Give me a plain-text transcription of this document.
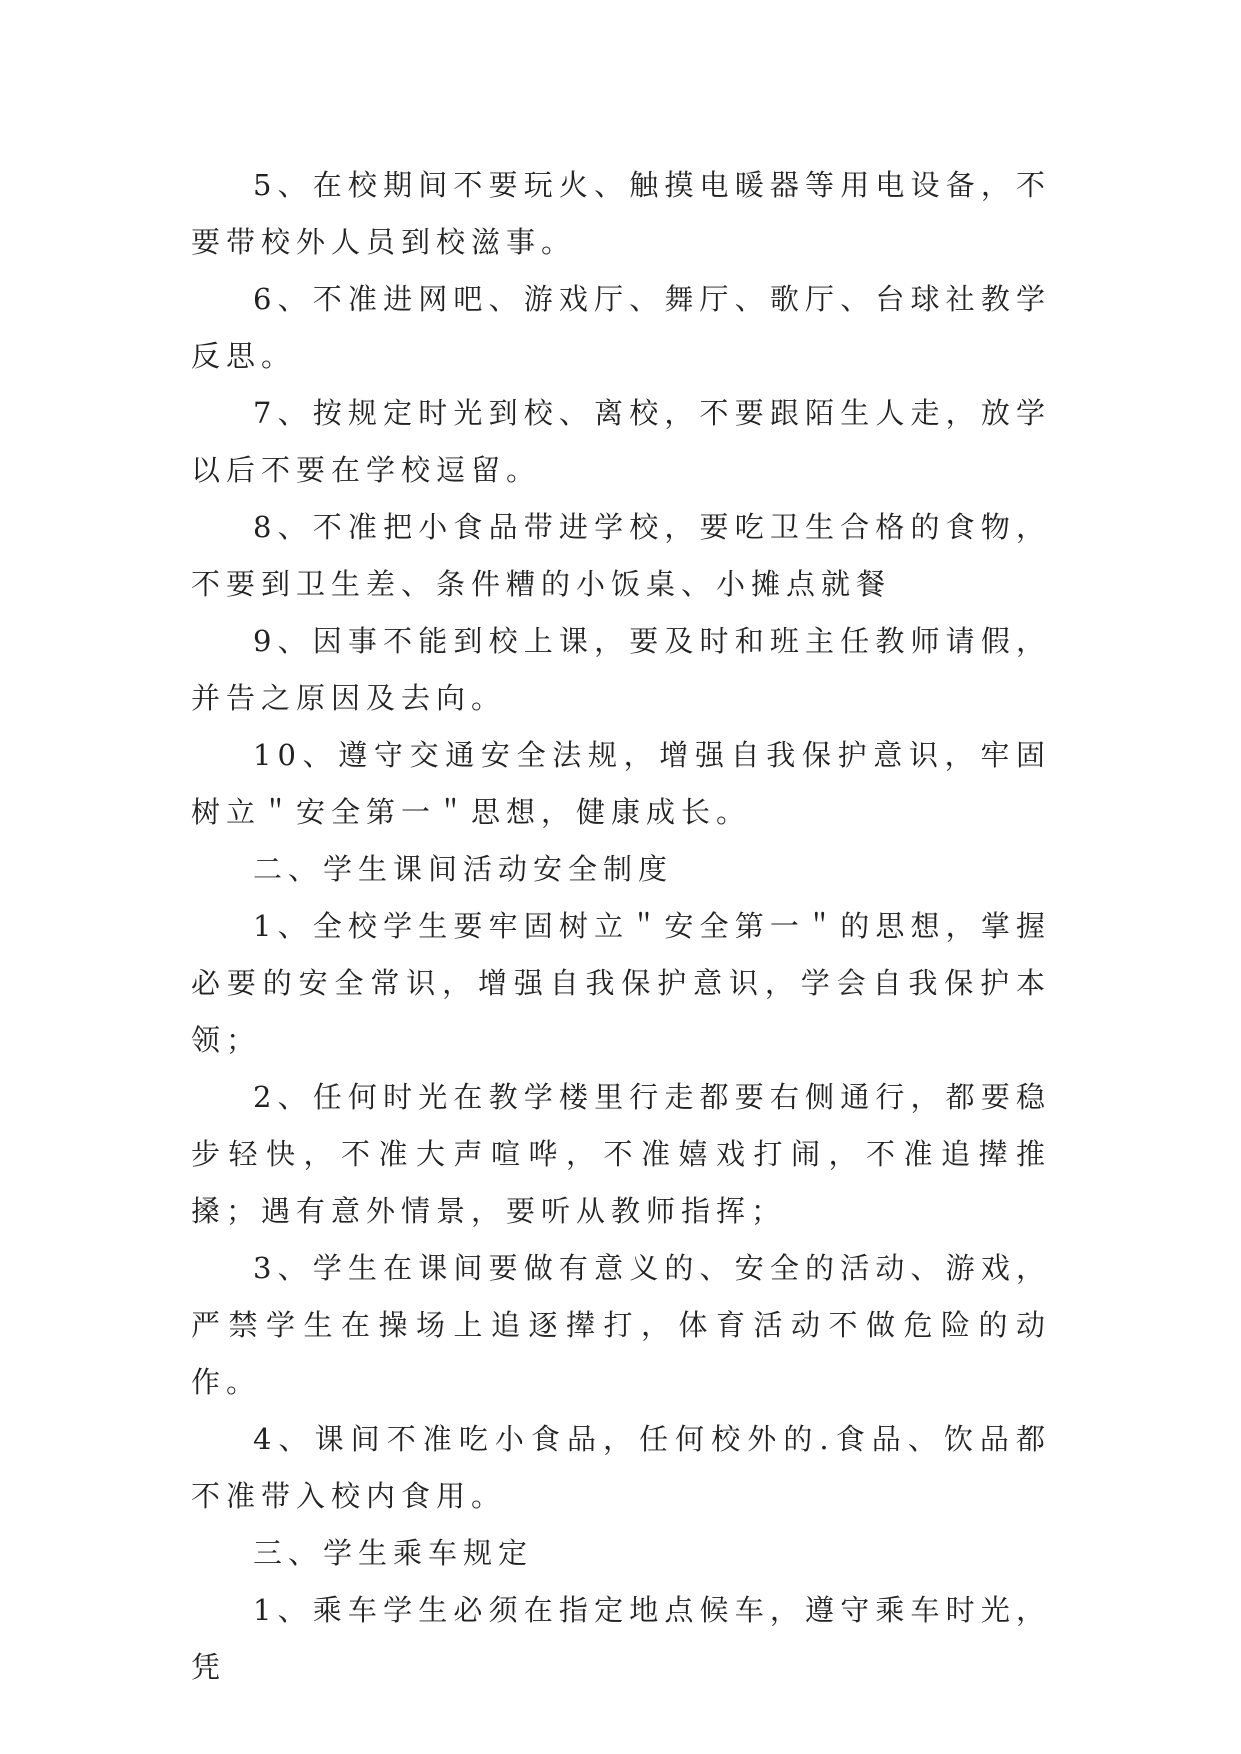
5、在校期间不要玩火、触摸电暖器等用电设备，不要带校外人员到校滋事。

6、不准进网吧、游戏厅、舞厅、歌厅、台球社教学反思。

7、按规定时光到校、离校，不要跟陌生人走，放学以后不要在学校逗留。

8、不准把小食品带进学校，要吃卫生合格的食物，不要到卫生差、条件糟的小饭桌、小摊点就餐

9、因事不能到校上课，要及时和班主任教师请假，并告之原因及去向。

10、遵守交通安全法规，增强自我保护意识，牢固树立＂安全第一＂思想，健康成长。

二、学生课间活动安全制度

1、全校学生要牢固树立＂安全第一＂的思想，掌握必要的安全常识，增强自我保护意识，学会自我保护本领；

2、任何时光在教学楼里行走都要右侧通行，都要稳步轻快，不准大声喧哗，不准嬉戏打闹，不准追撵推搡；遇有意外情景，要听从教师指挥；

3、学生在课间要做有意义的、安全的活动、游戏，严禁学生在操场上追逐撵打，体育活动不做危险的动作。

4、课间不准吃小食品，任何校外的.食品、饮品都不准带入校内食用。

三、学生乘车规定

1、乘车学生必须在指定地点候车，遵守乘车时光，凭
